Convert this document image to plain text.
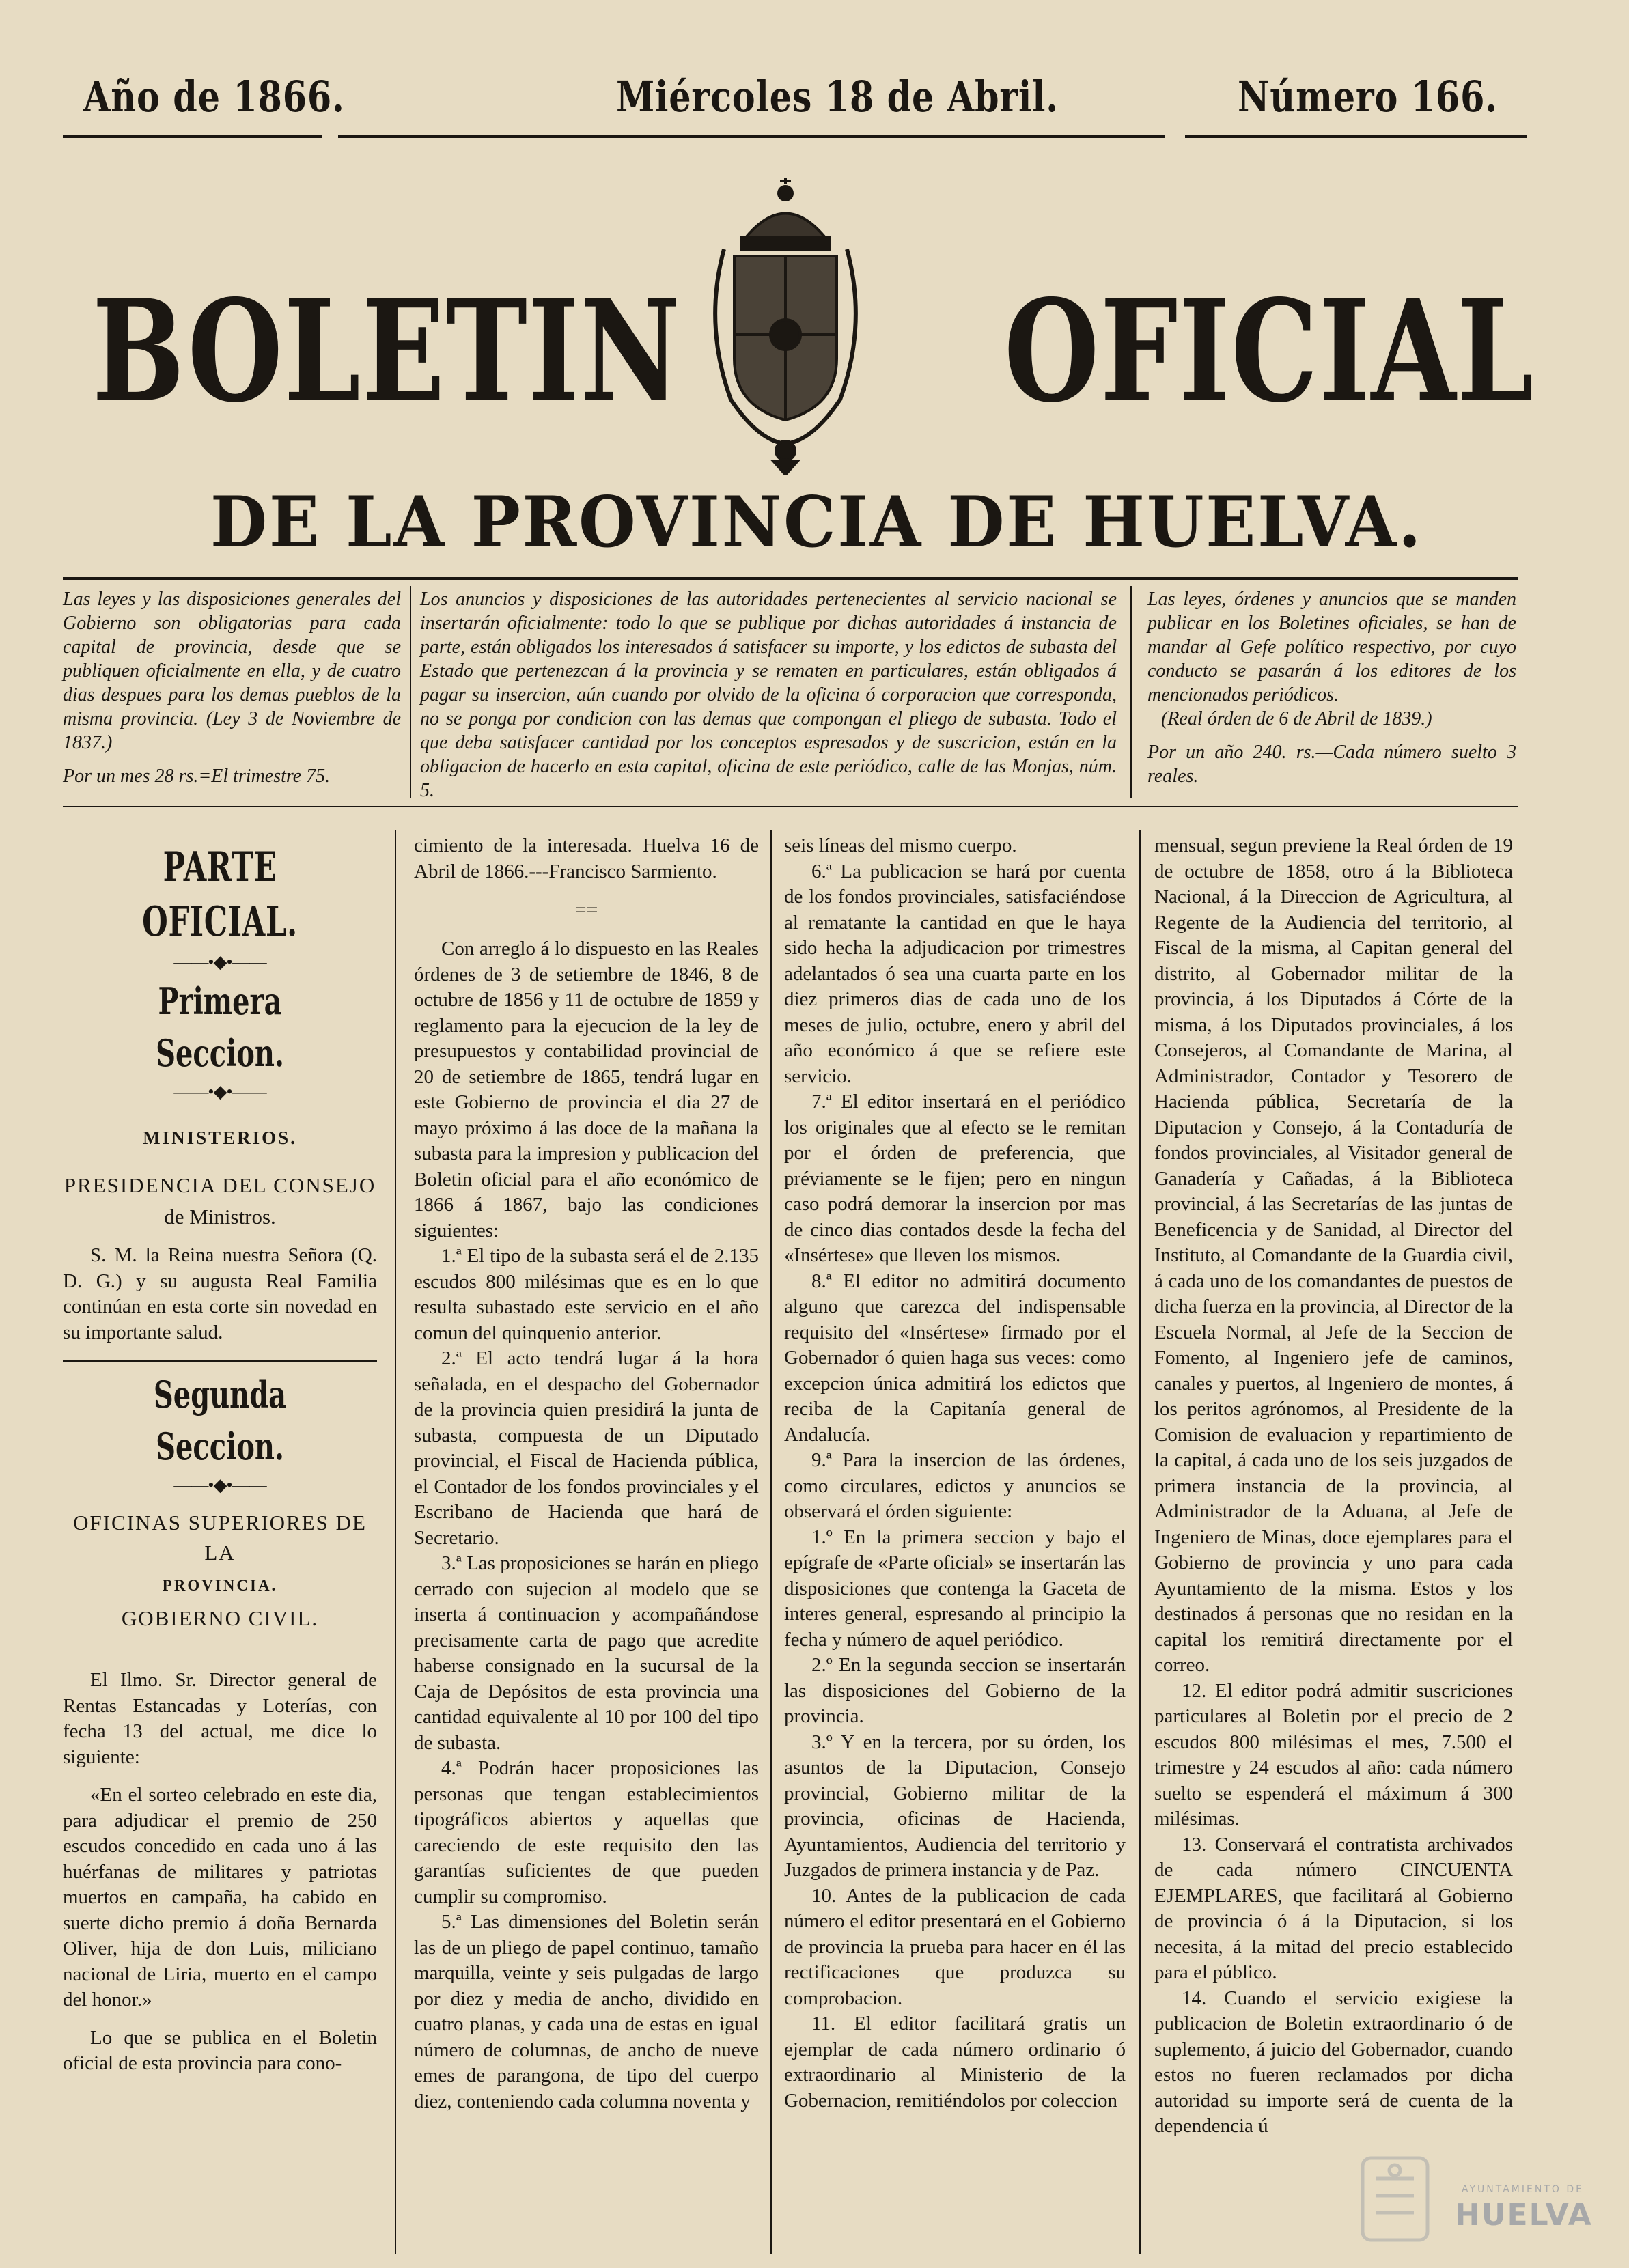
Año de 1866.	Miércoles 18 de Abril.	Número 166.
BOLETIN OFICIAL
DE LA PROVINCIA DE HUELVA.
Las leyes y las disposiciones generales del Gobierno son obligatorias para cada capital de provincia, desde que se publiquen oficialmente en ella, y de cuatro dias despues para los demas pueblos de la misma provincia. (Ley 3 de Noviembre de 1837.)
Por un mes 28 rs.=El trimestre 75.
Los anuncios y disposiciones de las autoridades pertenecientes al servicio nacional se insertarán oficialmente: todo lo que se publique por dichas autoridades á instancia de parte, están obligados los interesados á satisfacer su importe, y los edictos de subasta del Estado que pertenezcan á la provincia y se rematen en particulares, están obligados á pagar su insercion, aún cuando por olvido de la oficina ó corporacion que corresponda, no se ponga por condicion con las demas que compongan el pliego de subasta. Todo el que deba satisfacer cantidad por los conceptos espresados y de suscricion, están en la obligacion de hacerlo en esta capital, oficina de este periódico, calle de las Monjas, núm. 5.
Las leyes, órdenes y anuncios que se manden publicar en los Boletines oficiales, se han de mandar al Gefe político respectivo, por cuyo conducto se pasarán á los editores de los mencionados periódicos.
(Real órden de 6 de Abril de 1839.)
Por un año 240. rs.—Cada número suelto 3 reales.
PARTE OFICIAL.
——•◆•——
Primera Seccion.
——•◆•——
MINISTERIOS.
PRESIDENCIA DEL CONSEJO
de Ministros.

S. M. la Reina nuestra Señora (Q. D. G.) y su augusta Real Familia continúan en esta corte sin novedad en su importante salud.

Segunda Seccion.
——•◆•——
OFICINAS SUPERIORES DE LA
PROVINCIA.
GOBIERNO CIVIL.

El Ilmo. Sr. Director general de Rentas Estancadas y Loterías, con fecha 13 del actual, me dice lo siguiente:

«En el sorteo celebrado en este dia, para adjudicar el premio de 250 escudos concedido en cada uno á las huérfanas de militares y patriotas muertos en campaña, ha cabido en suerte dicho premio á doña Bernarda Oliver, hija de don Luis, miliciano nacional de Liria, muerto en el campo del honor.»

Lo que se publica en el Boletin oficial de esta provincia para cono-

cimiento de la interesada. Huelva 16 de Abril de 1866.---Francisco Sarmiento.

==

Con arreglo á lo dispuesto en las Reales órdenes de 3 de setiembre de 1846, 8 de octubre de 1856 y 11 de octubre de 1859 y reglamento para la ejecucion de la ley de presupuestos y contabilidad provincial de 20 de setiembre de 1865, tendrá lugar en este Gobierno de provincia el dia 27 de mayo próximo á las doce de la mañana la subasta para la impresion y publicacion del Boletin oficial para el año económico de 1866 á 1867, bajo las condiciones siguientes:

1.ª El tipo de la subasta será el de 2.135 escudos 800 milésimas que es en lo que resulta subastado este servicio en el año comun del quinquenio anterior.

2.ª El acto tendrá lugar á la hora señalada, en el despacho del Gobernador de la provincia quien presidirá la junta de subasta, compuesta de un Diputado provincial, el Fiscal de Hacienda pública, el Contador de los fondos provinciales y el Escribano de Hacienda que hará de Secretario.

3.ª Las proposiciones se harán en pliego cerrado con sujecion al modelo que se inserta á continuacion y acompañándose precisamente carta de pago que acredite haberse consignado en la sucursal de la Caja de Depósitos de esta provincia una cantidad equivalente al 10 por 100 del tipo de subasta.

4.ª Podrán hacer proposiciones las personas que tengan establecimientos tipográficos abiertos y aquellas que careciendo de este requisito den las garantías suficientes de que pueden cumplir su compromiso.

5.ª Las dimensiones del Boletin serán las de un pliego de papel continuo, tamaño marquilla, veinte y seis pulgadas de largo por diez y media de ancho, dividido en cuatro planas, y cada una de estas en igual número de columnas, de ancho de nueve emes de parangona, de tipo del cuerpo diez, conteniendo cada columna noventa y

seis líneas del mismo cuerpo.

6.ª La publicacion se hará por cuenta de los fondos provinciales, satisfaciéndose al rematante la cantidad en que le haya sido hecha la adjudicacion por trimestres adelantados ó sea una cuarta parte en los diez primeros dias de cada uno de los meses de julio, octubre, enero y abril del año económico á que se refiere este servicio.

7.ª El editor insertará en el periódico los originales que al efecto se le remitan por el órden de preferencia, que préviamente se le fijen; pero en ningun caso podrá demorar la insercion por mas de cinco dias contados desde la fecha del «Insértese» que lleven los mismos.

8.ª El editor no admitirá documento alguno que carezca del indispensable requisito del «Insértese» firmado por el Gobernador ó quien haga sus veces: como excepcion única admitirá los edictos que reciba de la Capitanía general de Andalucía.

9.ª Para la insercion de las órdenes, como circulares, edictos y anuncios se observará el órden siguiente:

1.º En la primera seccion y bajo el epígrafe de «Parte oficial» se insertarán las disposiciones que contenga la Gaceta de interes general, espresando al principio la fecha y número de aquel periódico.

2.º En la segunda seccion se insertarán las disposiciones del Gobierno de la provincia.

3.º Y en la tercera, por su órden, los asuntos de la Diputacion, Consejo provincial, Gobierno militar de la provincia, oficinas de Hacienda, Ayuntamientos, Audiencia del territorio y Juzgados de primera instancia y de Paz.

10. Antes de la publicacion de cada número el editor presentará en el Gobierno de provincia la prueba para hacer en él las rectificaciones que produzca su comprobacion.

11. El editor facilitará gratis un ejemplar de cada número ordinario ó extraordinario al Ministerio de la Gobernacion, remitiéndolos por coleccion

mensual, segun previene la Real órden de 19 de octubre de 1858, otro á la Biblioteca Nacional, á la Direccion de Agricultura, al Regente de la Audiencia del territorio, al Fiscal de la misma, al Capitan general del distrito, al Gobernador militar de la provincia, á los Diputados á Córte de la misma, á los Diputados provinciales, á los Consejeros, al Comandante de Marina, al Administrador, Contador y Tesorero de Hacienda pública, Secretaría de la Diputacion y Consejo, á la Contaduría de fondos provinciales, al Visitador general de Ganadería y Cañadas, á la Biblioteca provincial, á las Secretarías de las juntas de Beneficencia y de Sanidad, al Director del Instituto, al Comandante de la Guardia civil, á cada uno de los comandantes de puestos de dicha fuerza en la provincia, al Director de la Escuela Normal, al Jefe de la Seccion de Fomento, al Ingeniero jefe de caminos, canales y puertos, al Ingeniero de montes, á los peritos agrónomos, al Presidente de la Comision de evaluacion y repartimiento de la capital, á cada uno de los seis juzgados de primera instancia de la provincia, al Administrador de la Aduana, al Jefe de Ingeniero de Minas, doce ejemplares para el Gobierno de provincia y uno para cada Ayuntamiento de la misma. Estos y los destinados á personas que no residan en la capital los remitirá directamente por el correo.

12. El editor podrá admitir suscriciones particulares al Boletin por el precio de 2 escudos 800 milésimas el mes, 7.500 el trimestre y 24 escudos al año: cada número suelto se espenderá el máximum á 300 milésimas.

13. Conservará el contratista archivados de cada número CINCUENTA EJEMPLARES, que facilitará al Gobierno de provincia ó á la Diputacion, si los necesita, á la mitad del precio establecido para el público.

14. Cuando el servicio exigiese la publicacion de Boletin extraordinario ó de suplemento, á juicio del Gobernador, cuando estos no fueren reclamados por dicha autoridad su importe será de cuenta de la dependencia ú

AYUNTAMIENTO DE
HUELVA
